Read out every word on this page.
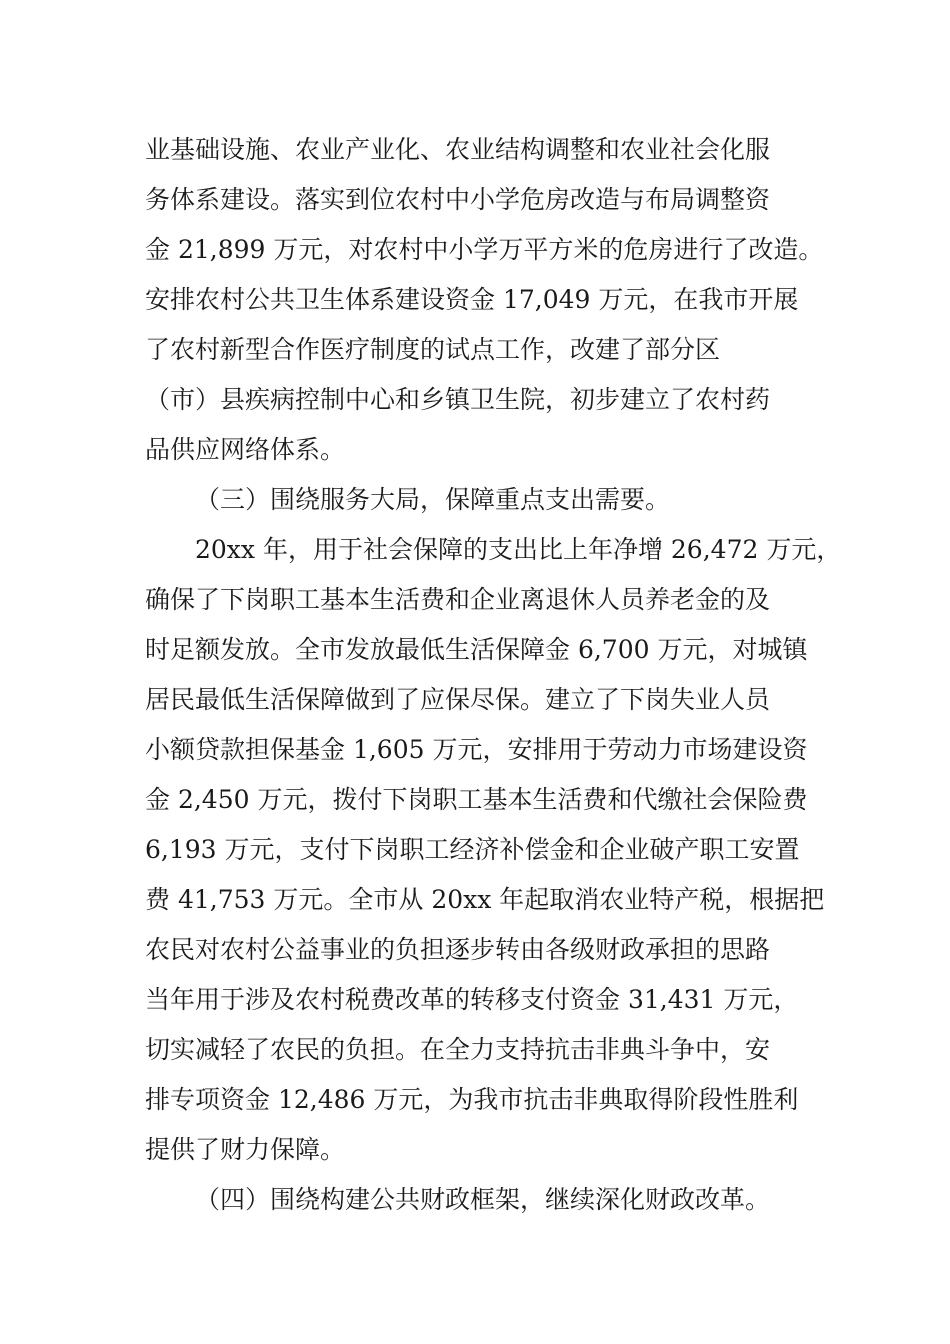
业基础设施、农业产业化、农业结构调整和农业社会化服
务体系建设。落实到位农村中小学危房改造与布局调整资
金 21,899 万元，对农村中小学万平方米的危房进行了改造。
安排农村公共卫生体系建设资金 17,049 万元，在我市开展
了农村新型合作医疗制度的试点工作，改建了部分区
（市）县疾病控制中心和乡镇卫生院，初步建立了农村药
品供应网络体系。
（三）围绕服务大局，保障重点支出需要。
20xx 年，用于社会保障的支出比上年净增 26,472 万元，
确保了下岗职工基本生活费和企业离退休人员养老金的及
时足额发放。全市发放最低生活保障金 6,700 万元，对城镇
居民最低生活保障做到了应保尽保。建立了下岗失业人员
小额贷款担保基金 1,605 万元，安排用于劳动力市场建设资
金 2,450 万元，拨付下岗职工基本生活费和代缴社会保险费
6,193 万元，支付下岗职工经济补偿金和企业破产职工安置
费 41,753 万元。全市从 20xx 年起取消农业特产税，根据把
农民对农村公益事业的负担逐步转由各级财政承担的思路
当年用于涉及农村税费改革的转移支付资金 31,431 万元，
切实减轻了农民的负担。在全力支持抗击非典斗争中，安
排专项资金 12,486 万元，为我市抗击非典取得阶段性胜利
提供了财力保障。
（四）围绕构建公共财政框架，继续深化财政改革。
